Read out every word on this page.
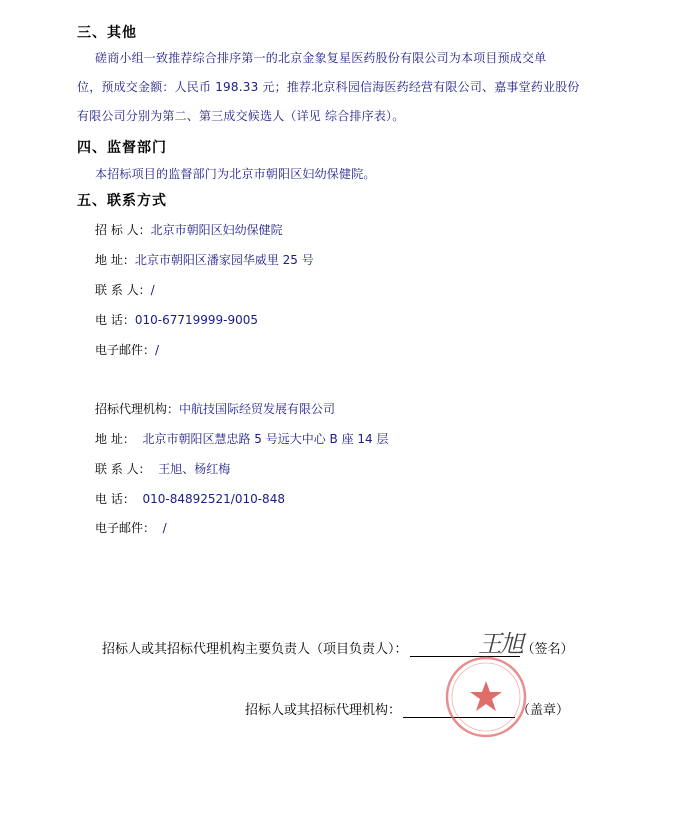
三、其他
磋商小组一致推荐综合排序第一的北京金象复星医药股份有限公司为本项目预成交单
位，预成交金额：人民币 198.33 元；推荐北京科园信海医药经营有限公司、嘉事堂药业股份
有限公司分别为第二、第三成交候选人（详见 综合排序表）。
四、监督部门
本招标项目的监督部门为北京市朝阳区妇幼保健院。
五、联系方式
招 标 人：北京市朝阳区妇幼保健院
地 址：北京市朝阳区潘家园华威里 25 号
联 系 人：/
电 话：010-67719999-9005
电子邮件：/
招标代理机构：中航技国际经贸发展有限公司
地 址： 北京市朝阳区慧忠路 5 号远大中心 B 座 14 层
联 系 人： 王旭、杨红梅
电 话： 010-84892521/010-848
电子邮件： /
招标人或其招标代理机构主要负责人（项目负责人）：	（签名）
王旭
招标人或其招标代理机构：	（盖章）
